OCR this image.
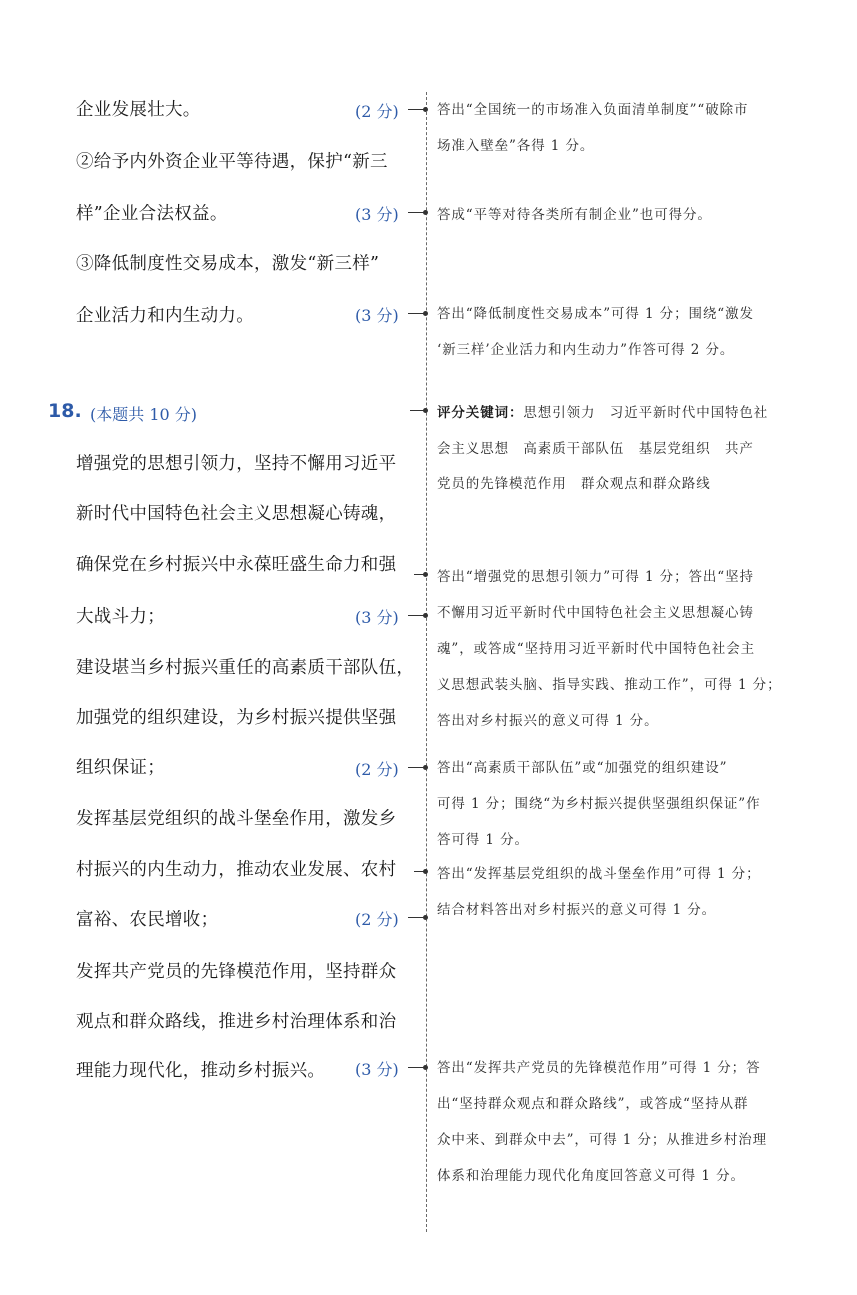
18. (本题共 10 分)
企业发展壮大。
②给予内外资企业平等待遇，保护“新三
样”企业合法权益。
③降低制度性交易成本，激发“新三样”
企业活力和内生动力。
增强党的思想引领力，坚持不懈用习近平
新时代中国特色社会主义思想凝心铸魂，
确保党在乡村振兴中永葆旺盛生命力和强
大战斗力；
建设堪当乡村振兴重任的高素质干部队伍，
加强党的组织建设，为乡村振兴提供坚强
组织保证；
发挥基层党组织的战斗堡垒作用，激发乡
村振兴的内生动力，推动农业发展、农村
富裕、农民增收；
发挥共产党员的先锋模范作用，坚持群众
观点和群众路线，推进乡村治理体系和治
理能力现代化，推动乡村振兴。
(2 分)
(3 分)
(3 分)
(3 分)
(2 分)
(2 分)
(3 分)
答出“全国统一的市场准入负面清单制度”“破除市
场准入壁垒”各得 1 分。
答成“平等对待各类所有制企业”也可得分。
答出“降低制度性交易成本”可得 1 分；围绕“激发
‘新三样’企业活力和内生动力”作答可得 2 分。
答出“增强党的思想引领力”可得 1 分；答出“坚持
不懈用习近平新时代中国特色社会主义思想凝心铸
魂”，或答成“坚持用习近平新时代中国特色社会主
义思想武装头脑、指导实践、推动工作”，可得 1 分；
答出对乡村振兴的意义可得 1 分。
答出“高素质干部队伍”或“加强党的组织建设”
可得 1 分；围绕“为乡村振兴提供坚强组织保证”作
答可得 1 分。
答出“发挥基层党组织的战斗堡垒作用”可得 1 分；
结合材料答出对乡村振兴的意义可得 1 分。
答出“发挥共产党员的先锋模范作用”可得 1 分；答
出“坚持群众观点和群众路线”，或答成“坚持从群
众中来、到群众中去”，可得 1 分；从推进乡村治理
体系和治理能力现代化角度回答意义可得 1 分。
评分关键词：思想引领力　习近平新时代中国特色社
会主义思想　高素质干部队伍　基层党组织　共产
党员的先锋模范作用　群众观点和群众路线
